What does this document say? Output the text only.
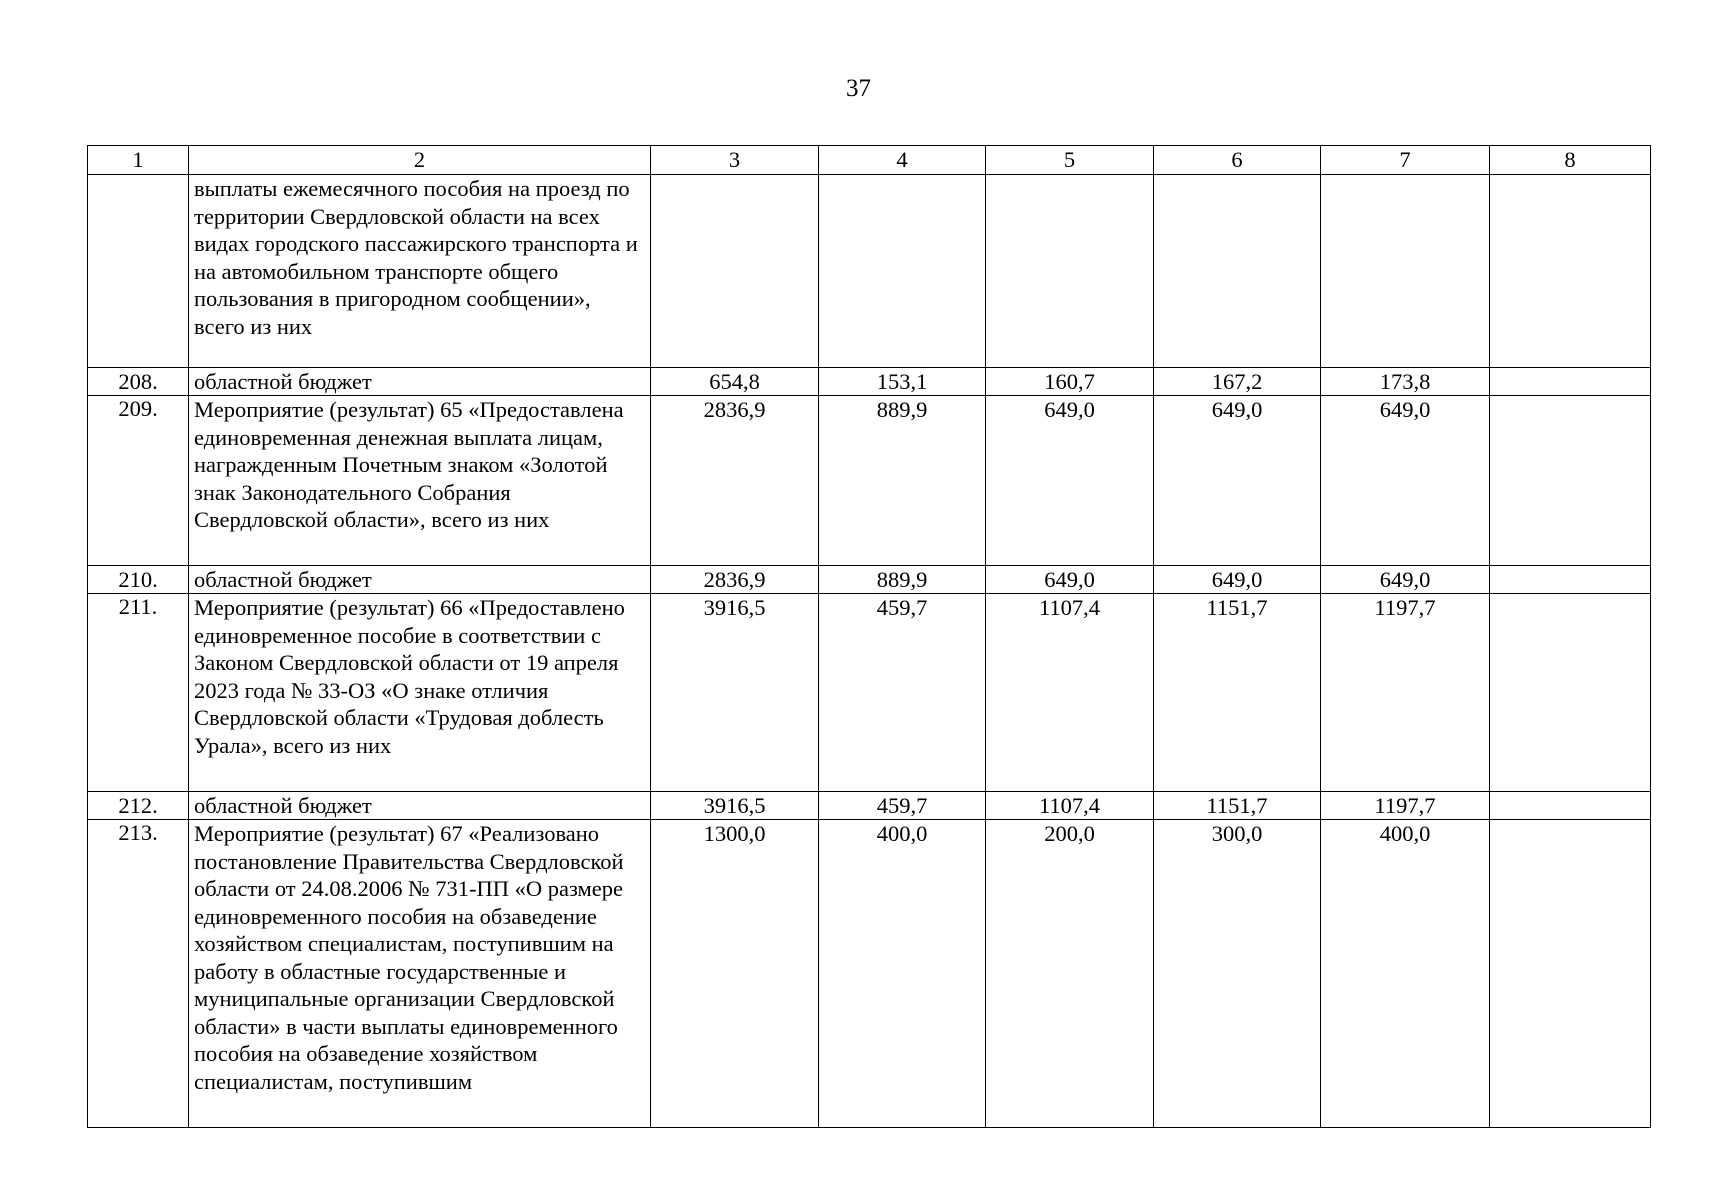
37
1	2	3	4	5	6	7	8
	выплаты ежемесячного пособия на проезд по территории Свердловской области на всех видах городского пассажирского транспорта и на автомобильном транспорте общего пользования в пригородном сообщении», всего из них						
208.	областной бюджет	654,8	153,1	160,7	167,2	173,8	
209.	Мероприятие (результат) 65 «Предоставлена единовременная денежная выплата лицам, награжденным Почетным знаком «Золотой знак Законодательного Собрания Свердловской области», всего из них	2836,9	889,9	649,0	649,0	649,0	
210.	областной бюджет	2836,9	889,9	649,0	649,0	649,0	
211.	Мероприятие (результат) 66 «Предоставлено единовременное пособие в соответствии с Законом Свердловской области от 19 апреля 2023 года № 33-ОЗ «О знаке отличия Свердловской области «Трудовая доблесть Урала», всего из них	3916,5	459,7	1107,4	1151,7	1197,7	
212.	областной бюджет	3916,5	459,7	1107,4	1151,7	1197,7	
213.	Мероприятие (результат) 67 «Реализовано постановление Правительства Свердловской области от 24.08.2006 № 731-ПП «О размере единовременного пособия на обзаведение хозяйством специалистам, поступившим на работу в областные государственные и муниципальные организации Свердловской области» в части выплаты единовременного пособия на обзаведение хозяйством специалистам, поступившим	1300,0	400,0	200,0	300,0	400,0	
